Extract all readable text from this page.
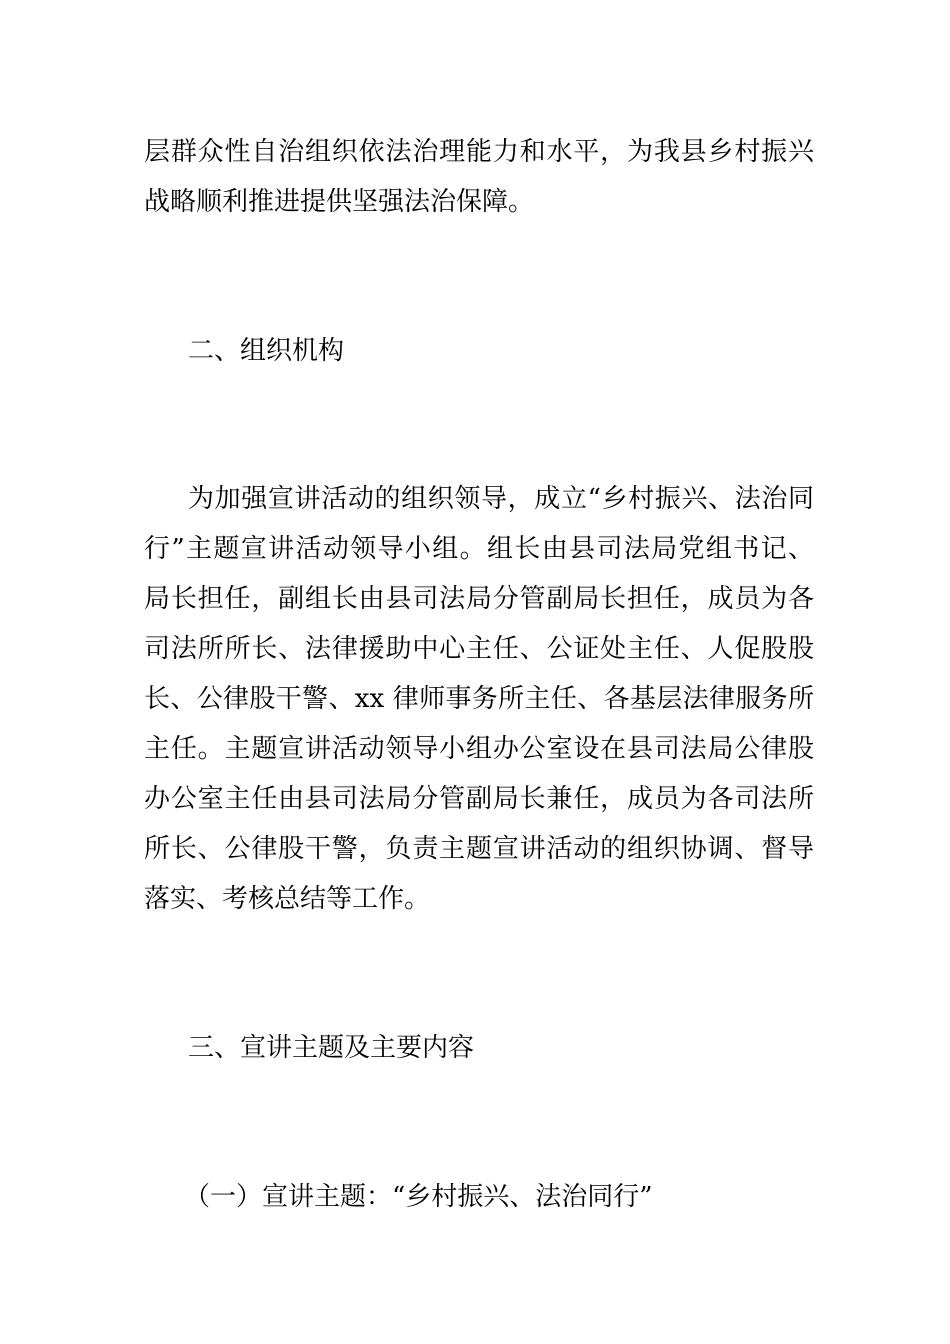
层群众性自治组织依法治理能力和水平，为我县乡村振兴
战略顺利推进提供坚强法治保障。
二、组织机构
为加强宣讲活动的组织领导，成立“乡村振兴、法治同
行”主题宣讲活动领导小组。组长由县司法局党组书记、
局长担任，副组长由县司法局分管副局长担任，成员为各
司法所所长、法律援助中心主任、公证处主任、人促股股
长、公律股干警、xx 律师事务所主任、各基层法律服务所
主任。主题宣讲活动领导小组办公室设在县司法局公律股
办公室主任由县司法局分管副局长兼任，成员为各司法所
所长、公律股干警，负责主题宣讲活动的组织协调、督导
落实、考核总结等工作。
三、宣讲主题及主要内容
（一）宣讲主题：“乡村振兴、法治同行”
